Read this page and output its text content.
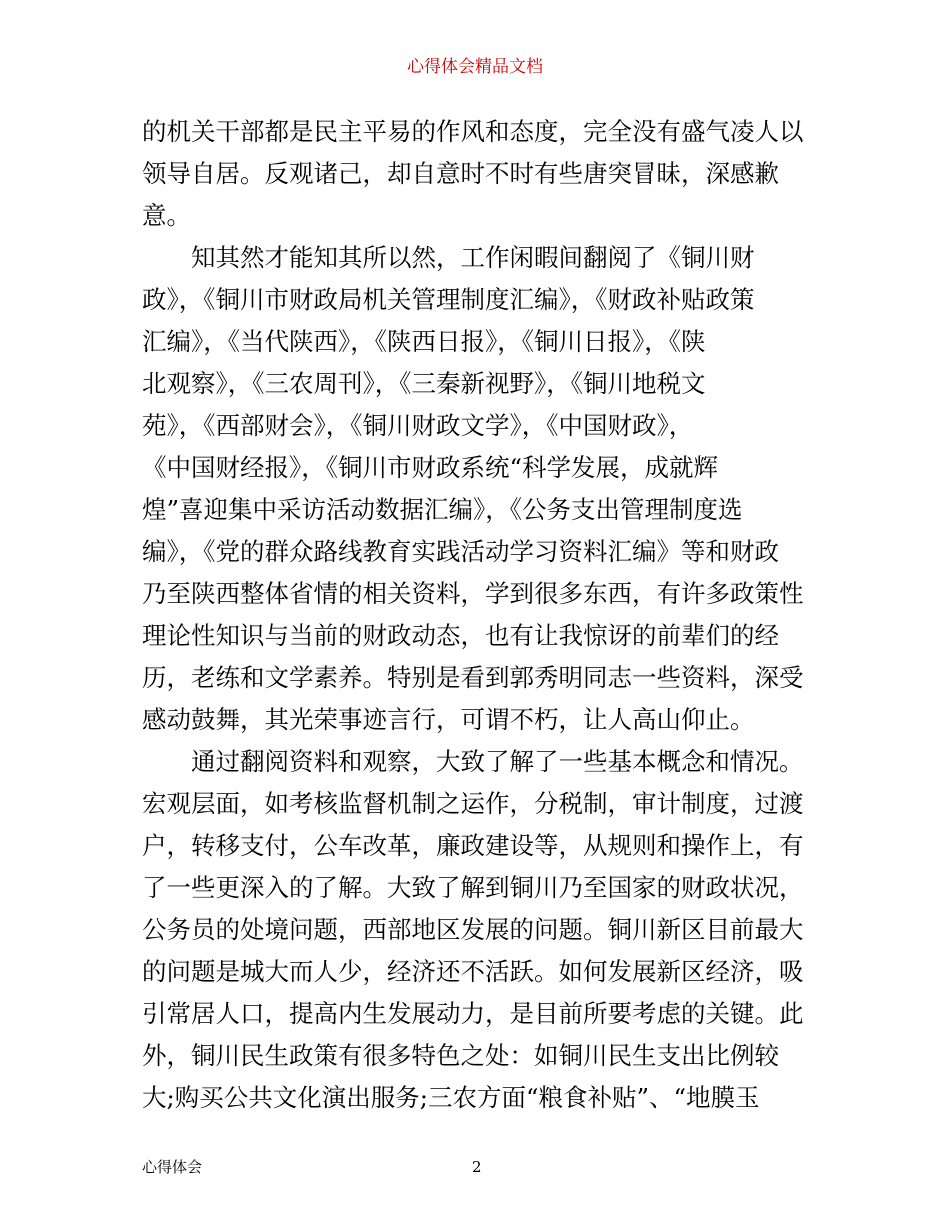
心得体会精品文档
的机关干部都是民主平易的作风和态度，完全没有盛气凌人以
领导自居。反观诸己，却自意时不时有些唐突冒昧，深感歉
意。
知其然才能知其所以然，工作闲暇间翻阅了《铜川财
政》，《铜川市财政局机关管理制度汇编》，《财政补贴政策
汇编》，《当代陕西》，《陕西日报》，《铜川日报》，《陕
北观察》，《三农周刊》，《三秦新视野》，《铜川地税文
苑》，《西部财会》，《铜川财政文学》，《中国财政》，
《中国财经报》，《铜川市财政系统“科学发展，成就辉
煌”喜迎集中采访活动数据汇编》，《公务支出管理制度选
编》，《党的群众路线教育实践活动学习资料汇编》等和财政
乃至陕西整体省情的相关资料，学到很多东西，有许多政策性
理论性知识与当前的财政动态，也有让我惊讶的前辈们的经
历，老练和文学素养。特别是看到郭秀明同志一些资料，深受
感动鼓舞，其光荣事迹言行，可谓不朽，让人高山仰止。
通过翻阅资料和观察，大致了解了一些基本概念和情况。
宏观层面，如考核监督机制之运作，分税制，审计制度，过渡
户，转移支付，公车改革，廉政建设等，从规则和操作上，有
了一些更深入的了解。大致了解到铜川乃至国家的财政状况，
公务员的处境问题，西部地区发展的问题。铜川新区目前最大
的问题是城大而人少，经济还不活跃。如何发展新区经济，吸
引常居人口，提高内生发展动力，是目前所要考虑的关键。此
外，铜川民生政策有很多特色之处：如铜川民生支出比例较
大;购买公共文化演出服务;三农方面“粮食补贴”、“地膜玉
心得体会	2
